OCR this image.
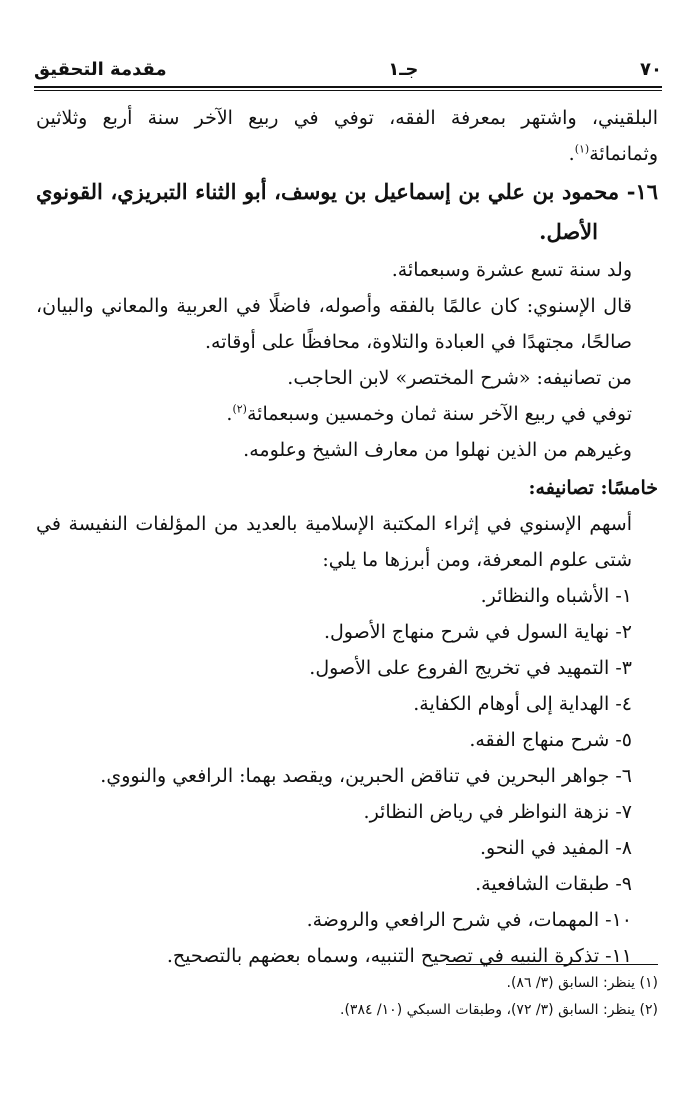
٧٠
جـ١
مقدمة التحقيق

البلقيني، واشتهر بمعرفة الفقه، توفي في ربيع الآخر سنة أربع وثلاثين وثمانمائة$^{(١)}$.

١٦- محمود بن علي بن إسماعيل بن يوسف، أبو الثناء التبريزي، القونوي الأصل.

ولد سنة تسع عشرة وسبعمائة.

قال الإسنوي: كان عالمًا بالفقه وأصوله، فاضلًا في العربية والمعاني والبيان، صالحًا، مجتهدًا في العبادة والتلاوة، محافظًا على أوقاته.

من تصانيفه: «شرح المختصر» لابن الحاجب.

توفي في ربيع الآخر سنة ثمان وخمسين وسبعمائة$^{(٢)}$.

وغيرهم من الذين نهلوا من معارف الشيخ وعلومه.

خامسًا: تصانيفه:

أسهم الإسنوي في إثراء المكتبة الإسلامية بالعديد من المؤلفات النفيسة في شتى علوم المعرفة، ومن أبرزها ما يلي:

١- الأشباه والنظائر.

٢- نهاية السول في شرح منهاج الأصول.

٣- التمهيد في تخريج الفروع على الأصول.

٤- الهداية إلى أوهام الكفاية.

٥- شرح منهاج الفقه.

٦- جواهر البحرين في تناقض الحبرين، ويقصد بهما: الرافعي والنووي.

٧- نزهة النواظر في رياض النظائر.

٨- المفيد في النحو.

٩- طبقات الشافعية.

١٠- المهمات، في شرح الرافعي والروضة.

١١- تذكرة النبيه في تصحيح التنبيه، وسماه بعضهم بالتصحيح.

(١) ينظر: السابق (٣/ ٨٦).

(٢) ينظر: السابق (٣/ ٧٢)، وطبقات السبكي (١٠/ ٣٨٤).
